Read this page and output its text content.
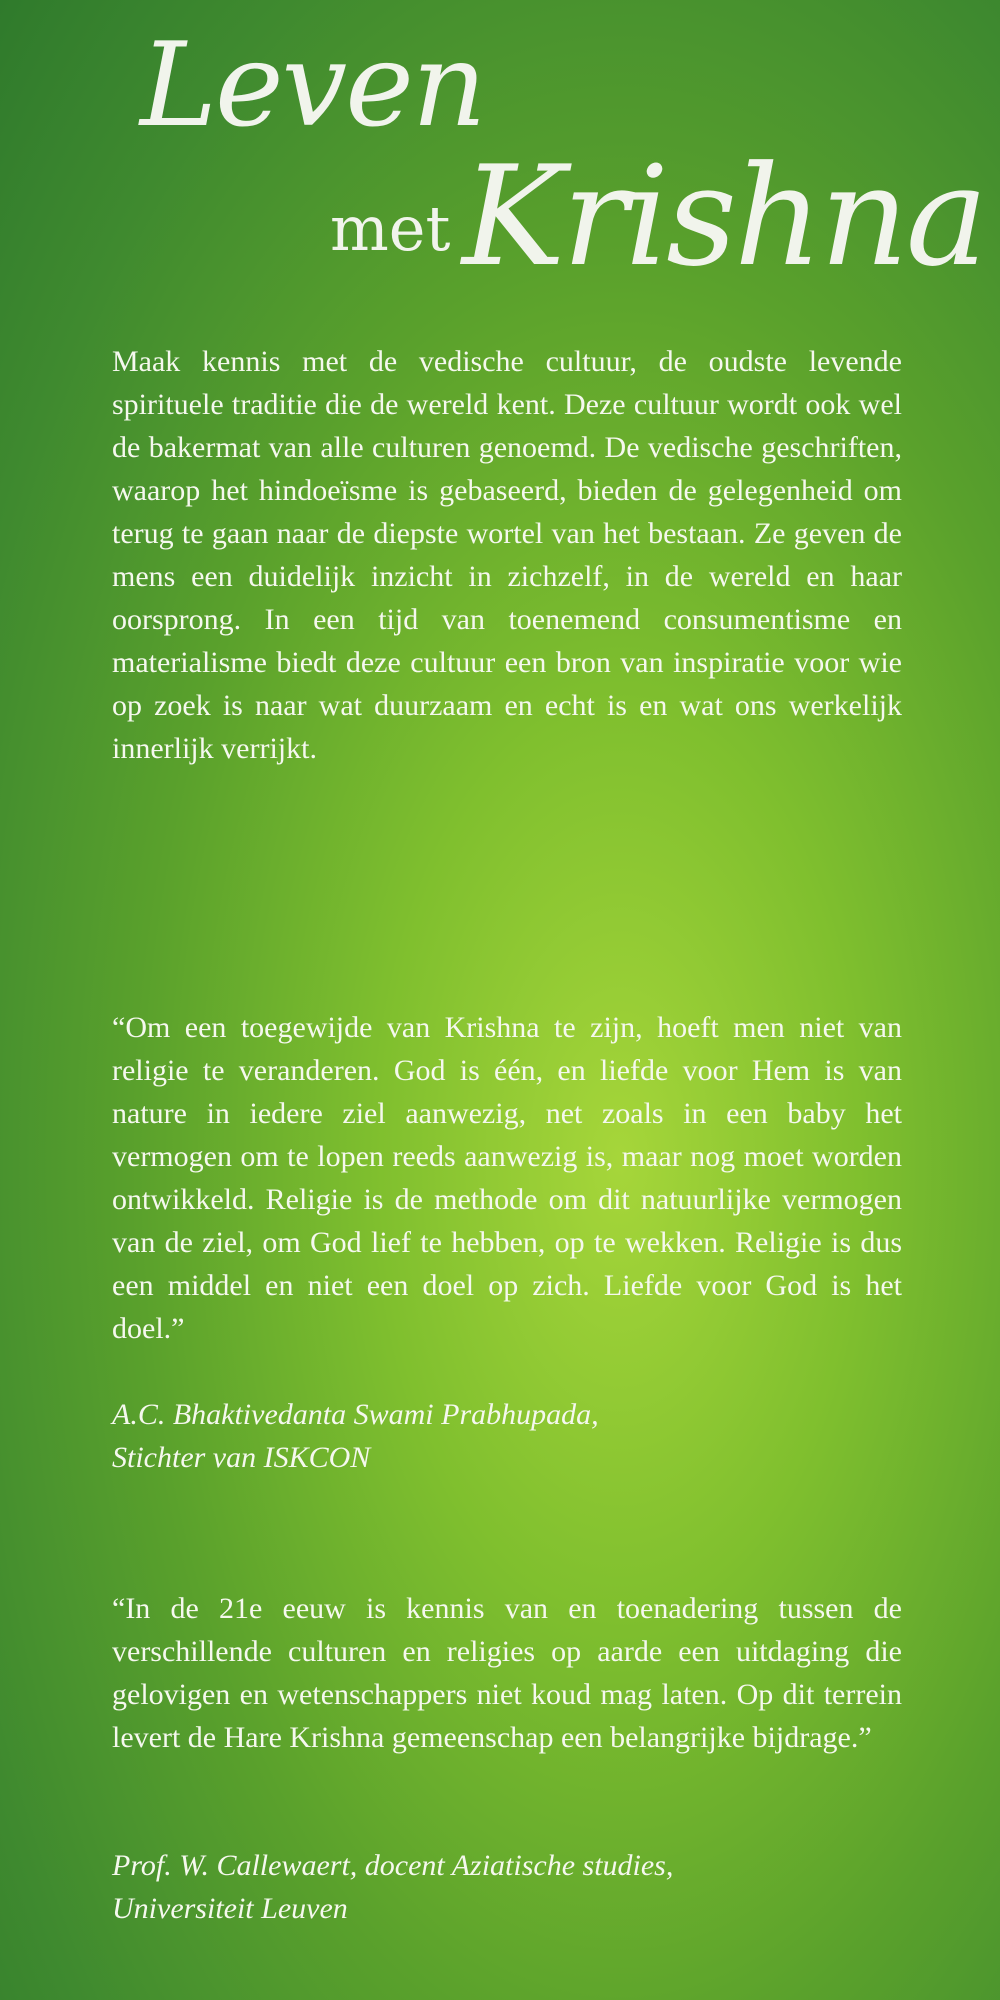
Leven
met Krishna

Maak kennis met de vedische cultuur, de oudste levende spirituele traditie die de wereld kent. Deze cultuur wordt ook wel de bakermat van alle culturen genoemd. De vedische geschriften, waarop het hindoeïsme is gebaseerd, bieden de gelegenheid om terug te gaan naar de diepste wortel van het bestaan. Ze geven de mens een duidelijk inzicht in zichzelf, in de wereld en haar oorsprong. In een tijd van toenemend consumentisme en materialisme biedt deze cultuur een bron van inspiratie voor wie op zoek is naar wat duurzaam en echt is en wat ons werkelijk innerlijk verrijkt.

“Om een toegewijde van Krishna te zijn, hoeft men niet van religie te veranderen. God is één, en liefde voor Hem is van nature in iedere ziel aanwezig, net zoals in een baby het vermogen om te lopen reeds aanwezig is, maar nog moet worden ontwikkeld. Religie is de methode om dit natuurlijke vermogen van de ziel, om God lief te hebben, op te wekken. Religie is dus een middel en niet een doel op zich. Liefde voor God is het doel.”

A.C. Bhaktivedanta Swami Prabhupada,
Stichter van ISKCON

“In de 21e eeuw is kennis van en toenadering tussen de verschillende culturen en religies op aarde een uitdaging die gelovigen en wetenschappers niet koud mag laten. Op dit terrein levert de Hare Krishna gemeenschap een belangrijke bijdrage.”

Prof. W. Callewaert, docent Aziatische studies,
Universiteit Leuven
